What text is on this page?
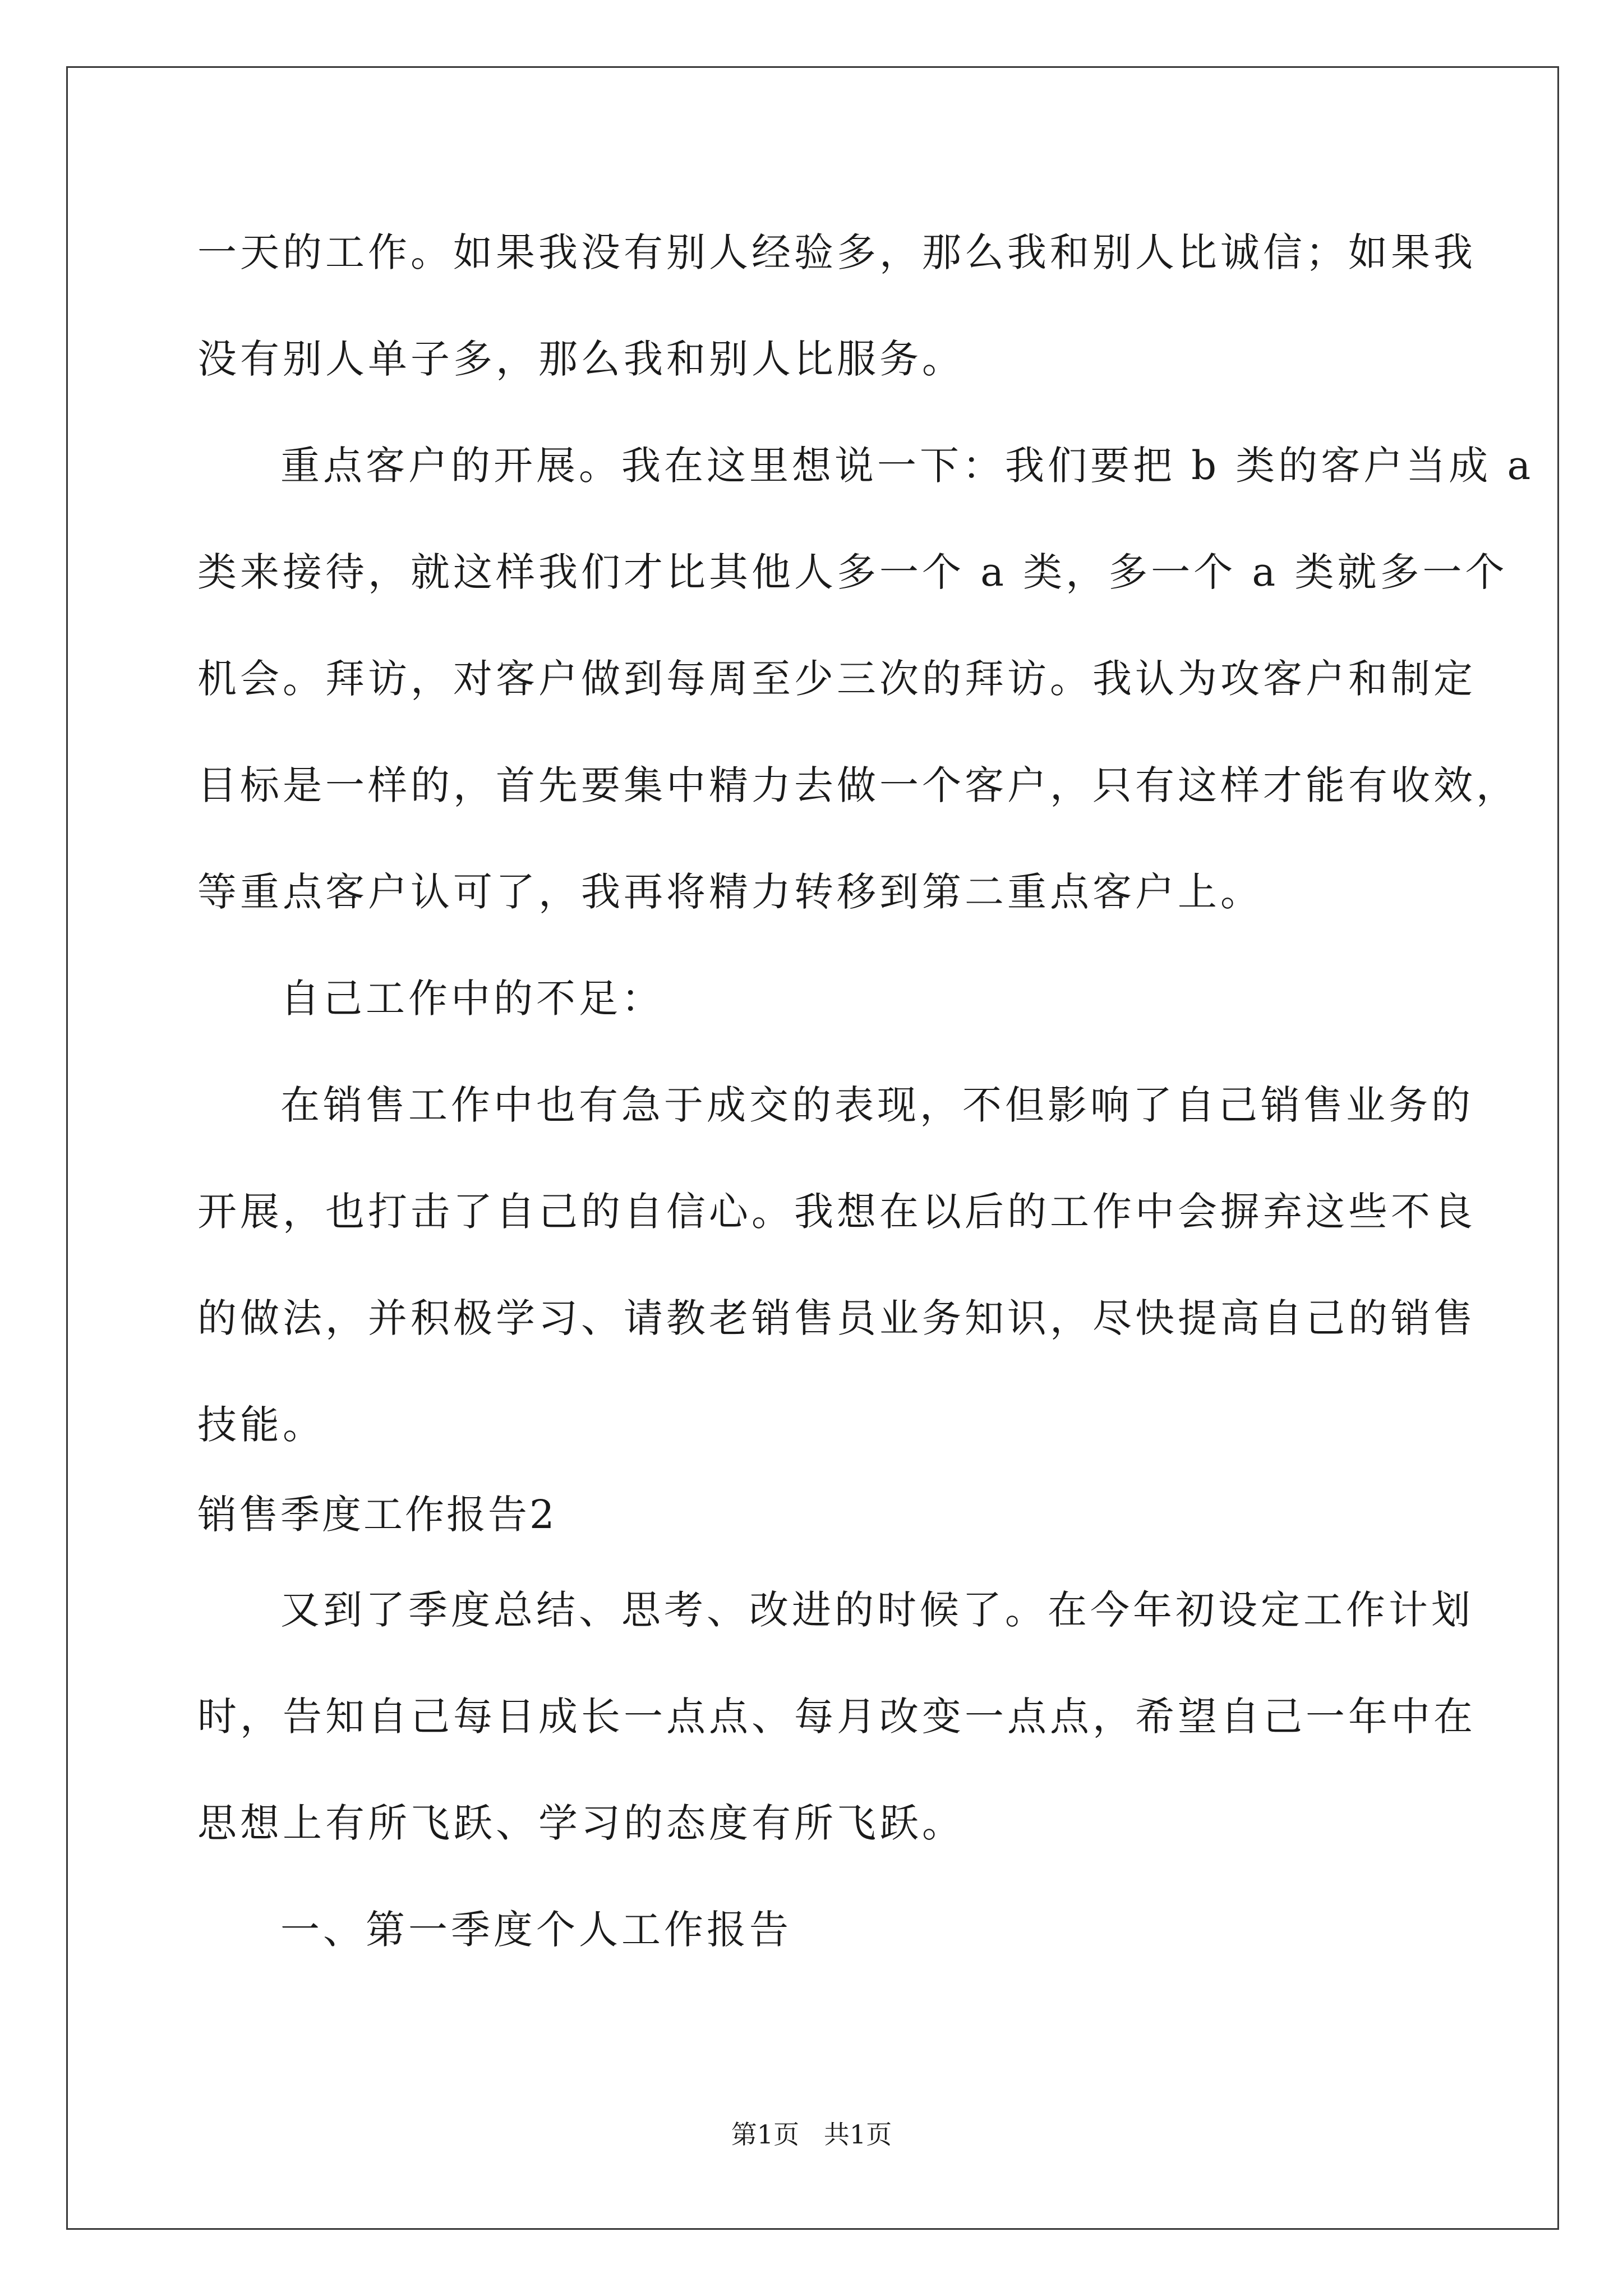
一天的工作。如果我没有别人经验多，那么我和别人比诚信；如果我

没有别人单子多，那么我和别人比服务。

重点客户的开展。我在这里想说一下：我们要把 b 类的客户当成 a

类来接待，就这样我们才比其他人多一个 a 类，多一个 a 类就多一个

机会。拜访，对客户做到每周至少三次的拜访。我认为攻客户和制定

目标是一样的，首先要集中精力去做一个客户，只有这样才能有收效，

等重点客户认可了，我再将精力转移到第二重点客户上。

自己工作中的不足：

在销售工作中也有急于成交的表现，不但影响了自己销售业务的

开展，也打击了自己的自信心。我想在以后的工作中会摒弃这些不良

的做法，并积极学习、请教老销售员业务知识，尽快提高自己的销售

技能。

销售季度工作报告2

又到了季度总结、思考、改进的时候了。在今年初设定工作计划

时，告知自己每日成长一点点、每月改变一点点，希望自己一年中在

思想上有所飞跃、学习的态度有所飞跃。

一、第一季度个人工作报告

第1页   共1页
